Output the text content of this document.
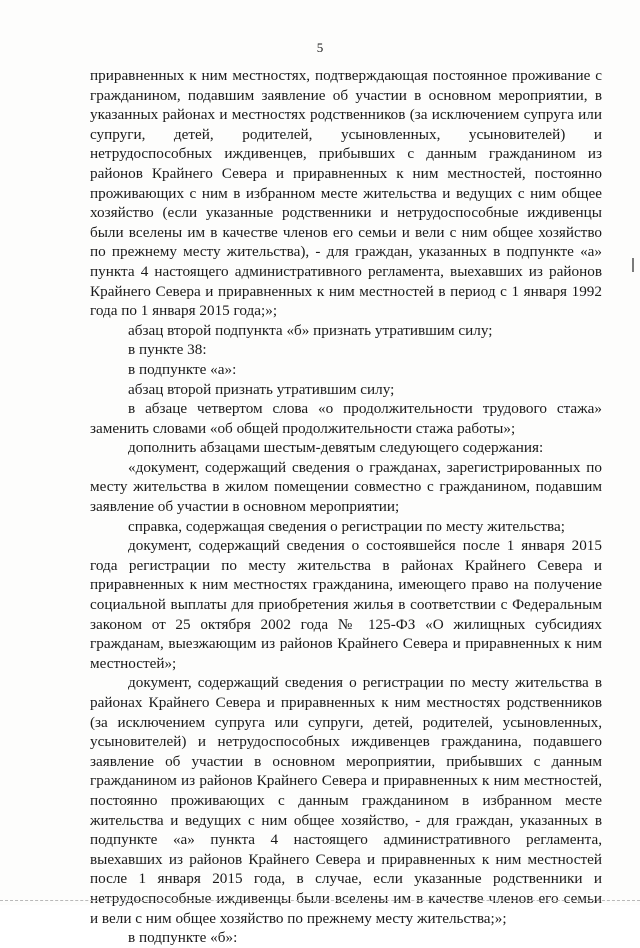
5

приравненных к ним местностях, подтверждающая постоянное проживание с гражданином, подавшим заявление об участии в основном мероприятии, в указанных районах и местностях родственников (за исключением супруга или супруги, детей, родителей, усыновленных, усыновителей) и нетрудоспособных иждивенцев, прибывших с данным гражданином из районов Крайнего Севера и приравненных к ним местностей, постоянно проживающих с ним в избранном месте жительства и ведущих с ним общее хозяйство (если указанные родственники и нетрудоспособные иждивенцы были вселены им в качестве членов его семьи и вели с ним общее хозяйство по прежнему месту жительства), - для граждан, указанных в подпункте «а» пункта 4 настоящего административного регламента, выехавших из районов Крайнего Севера и приравненных к ним местностей в период с 1 января 1992 года по 1 января 2015 года;»;

абзац второй подпункта «б» признать утратившим силу;

в пункте 38:

в подпункте «а»:

абзац второй признать утратившим силу;

в абзаце четвертом слова «о продолжительности трудового стажа» заменить словами «об общей продолжительности стажа работы»;

дополнить абзацами шестым-девятым следующего содержания:

«документ, содержащий сведения о гражданах, зарегистрированных по месту жительства в жилом помещении совместно с гражданином, подавшим заявление об участии в основном мероприятии;

справка, содержащая сведения о регистрации по месту жительства;

документ, содержащий сведения о состоявшейся после 1 января 2015 года регистрации по месту жительства в районах Крайнего Севера и приравненных к ним местностях гражданина, имеющего право на получение социальной выплаты для приобретения жилья в соответствии с Федеральным законом от 25 октября 2002 года № 125-ФЗ «О жилищных субсидиях гражданам, выезжающим из районов Крайнего Севера и приравненных к ним местностей»;

документ, содержащий сведения о регистрации по месту жительства в районах Крайнего Севера и приравненных к ним местностях родственников (за исключением супруга или супруги, детей, родителей, усыновленных, усыновителей) и нетрудоспособных иждивенцев гражданина, подавшего заявление об участии в основном мероприятии, прибывших с данным гражданином из районов Крайнего Севера и приравненных к ним местностей, постоянно проживающих с данным гражданином в избранном месте жительства и ведущих с ним общее хозяйство, - для граждан, указанных в подпункте «а» пункта 4 настоящего административного регламента, выехавших из районов Крайнего Севера и приравненных к ним местностей после 1 января 2015 года, в случае, если указанные родственники и нетрудоспособные иждивенцы были вселены им в качестве членов его семьи и вели с ним общее хозяйство по прежнему месту жительства;»;

в подпункте «б»:
